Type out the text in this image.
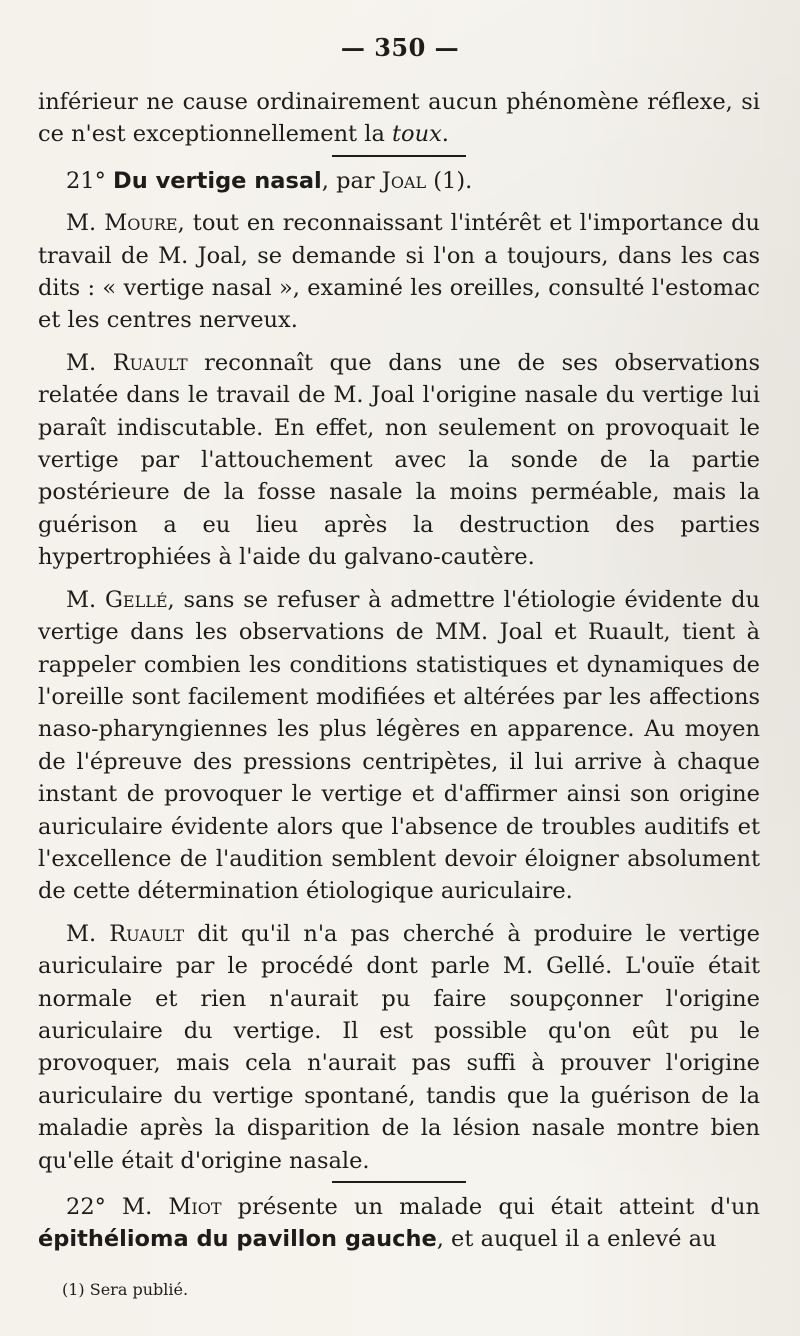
— 350 —

inférieur ne cause ordinairement aucun phénomène réflexe, si ce n'est exceptionnellement la toux.

21° Du vertige nasal, par Joal (1).

M. Moure, tout en reconnaissant l'intérêt et l'importance du travail de M. Joal, se demande si l'on a toujours, dans les cas dits : « vertige nasal », examiné les oreilles, consulté l'estomac et les centres nerveux.

M. Ruault reconnaît que dans une de ses observations relatée dans le travail de M. Joal l'origine nasale du vertige lui paraît indiscutable. En effet, non seulement on provoquait le vertige par l'attouchement avec la sonde de la partie postérieure de la fosse nasale la moins perméable, mais la guérison a eu lieu après la destruction des parties hypertrophiées à l'aide du galvano-cautère.

M. Gellé, sans se refuser à admettre l'étiologie évidente du vertige dans les observations de MM. Joal et Ruault, tient à rappeler combien les conditions statistiques et dynamiques de l'oreille sont facilement modifiées et altérées par les affections naso-pharyngiennes les plus légères en apparence. Au moyen de l'épreuve des pressions centripètes, il lui arrive à chaque instant de provoquer le vertige et d'affirmer ainsi son origine auriculaire évidente alors que l'absence de troubles auditifs et l'excellence de l'audition semblent devoir éloigner absolument de cette détermination étiologique auriculaire.

M. Ruault dit qu'il n'a pas cherché à produire le vertige auriculaire par le procédé dont parle M. Gellé. L'ouïe était normale et rien n'aurait pu faire soupçonner l'origine auriculaire du vertige. Il est possible qu'on eût pu le provoquer, mais cela n'aurait pas suffi à prouver l'origine auriculaire du vertige spontané, tandis que la guérison de la maladie après la disparition de la lésion nasale montre bien qu'elle était d'origine nasale.

22° M. Miot présente un malade qui était atteint d'un épithélioma du pavillon gauche, et auquel il a enlevé au

(1) Sera publié.
